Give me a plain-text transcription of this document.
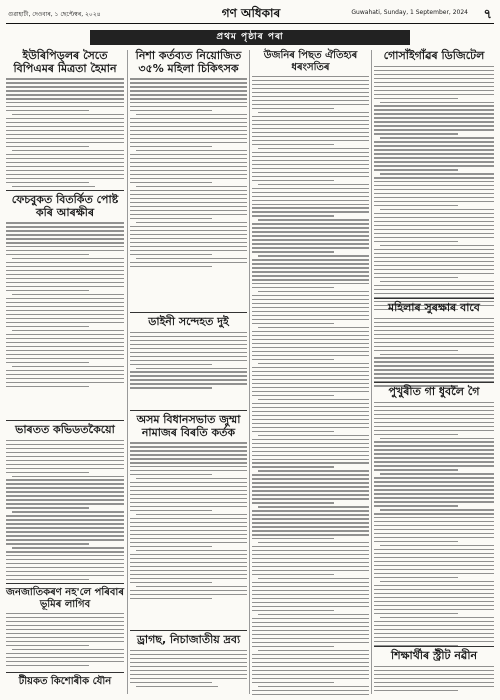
গুৱাহাটী, দেওবাৰ, ১ ছেপ্টেম্বৰ, ২০২৪	গণ অধিকাৰ	Guwahati, Sunday, 1 September, 2024 ৭
প্ৰথম পৃষ্ঠাৰ পৰা
ইউৰিপিড্‌লৰ সৈতে বিপিএমৰ মিত্ৰতা হৈমান
ফেচবুকত বিতৰ্কিত পোষ্ট কৰি আৰক্ষীৰ
ভাৰতত কভিডতকৈয়ো
জনজাতিকৰণ নহ'লে পৰিবাৰ ভূমিৰ লাগিব
টীয়কত কিশোৰীক যৌন
নিশা কৰ্তব্যত নিয়োজিত ৩৫% মহিলা চিকিৎসক
ডাইনী সন্দেহত দুই
অসম বিধানসভাত জুম্মা নামাজৰ বিৰতি কৰ্তক
ড্ৰাগছ, নিচাজাতীয় দ্ৰব্য
উজনিৰ পিছত ঐতিহ্যৰ ধৰংসতিৰ
গোসাঁইগাঁৱৰ ডিজিটেল
মহিলাৰ সুৰক্ষাৰ বাবে
পুখুৰীত গা ধুবলৈ গৈ
শিক্ষাৰ্থীৰ স্ট্ৰীট নৱীন
